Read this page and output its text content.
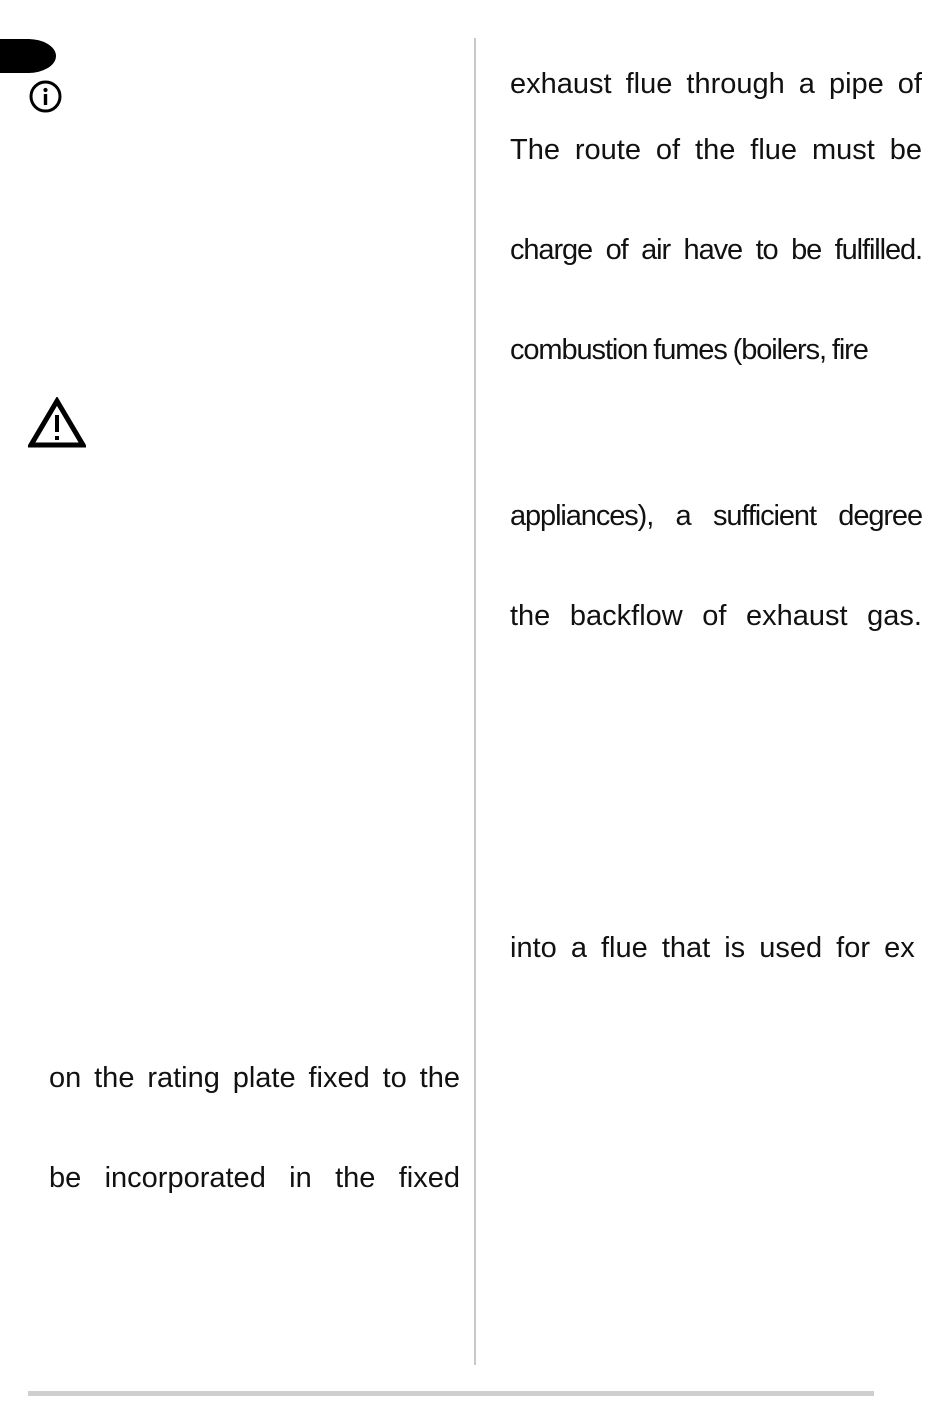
exhaust flue through a pipe of
The route of the flue must be
charge of air have to be fulfilled.
combustion fumes (boilers, fire
appliances), a sufficient degree
the backflow of exhaust gas.
into a flue that is used for ex
on the rating plate fixed to the
be incorporated in the fixed
